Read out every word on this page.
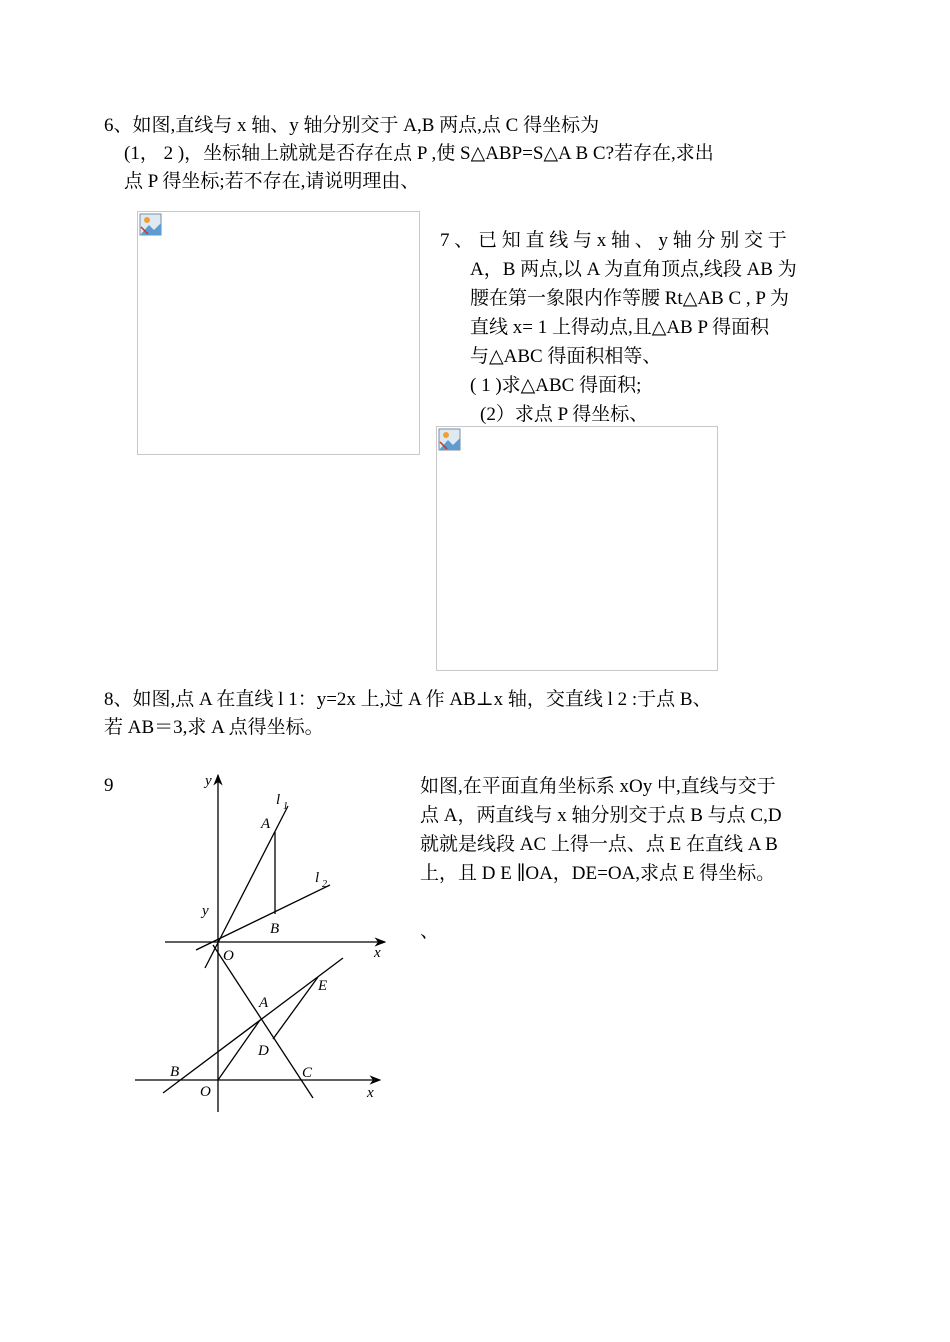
6、如图,直线与 x 轴、y 轴分别交于 A,B 两点,点 C 得坐标为
(1， 2 )，坐标轴上就就是否存在点 P ,使 S△ABP=S△A B C?若存在,求出
点 P 得坐标;若不存在,请说明理由、
7 、 已 知 直 线 与 x 轴 、 y 轴 分 别 交 于
A，B 两点,以 A 为直角顶点,线段 AB 为
腰在第一象限内作等腰 Rt△AB C , P 为
直线 x= 1 上得动点,且△AB P 得面积
与△ABC 得面积相等、
( 1 )求△ABC 得面积;
(2）求点 P 得坐标、
8、如图,点 A 在直线 l 1：y=2x 上,过 A 作 AB⊥x 轴，交直线 l 2 :于点 B、
若 AB＝3,求 A 点得坐标。
9	y
l 1
A
l 2
y
B
O	x
E
A
D
B	C
O	x
如图,在平面直角坐标系 xOy 中,直线与交于
点 A，两直线与 x 轴分别交于点 B 与点 C,D
就就是线段 AC 上得一点、点 E 在直线 A B
上，且 D E ∥OA，DE=OA,求点 E 得坐标。
、
